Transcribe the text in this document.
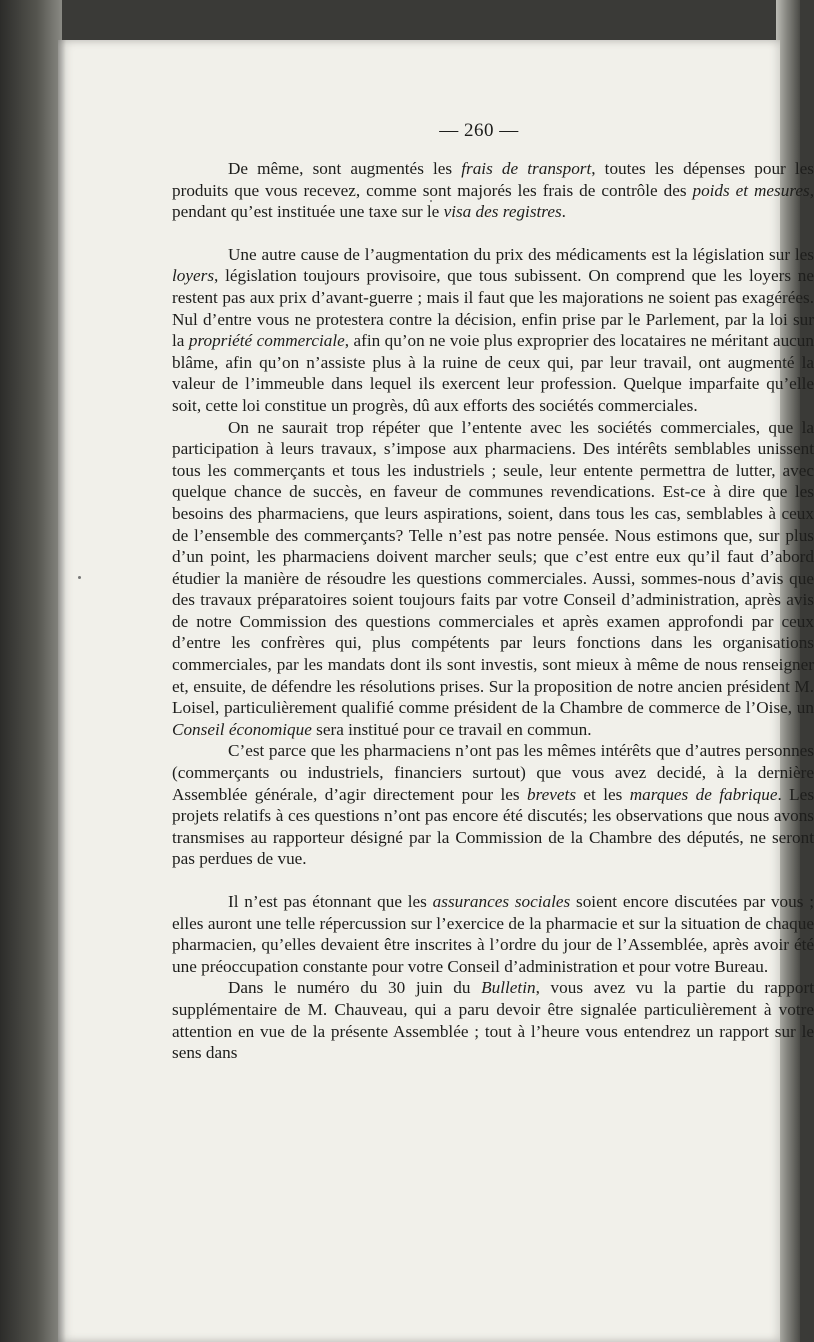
— 260 —

De même, sont augmentés les frais de transport, toutes les dépenses pour les produits que vous recevez, comme sont majorés les frais de contrôle des poids et mesures, pendant qu’est instituée une taxe sur le visa des registres.

Une autre cause de l’augmentation du prix des médicaments est la législation sur les loyers, législation toujours provisoire, que tous subissent. On comprend que les loyers ne restent pas aux prix d’avant-guerre ; mais il faut que les majorations ne soient pas exagérées. Nul d’entre vous ne protestera contre la décision, enfin prise par le Parlement, par la loi sur la propriété commerciale, afin qu’on ne voie plus exproprier des locataires ne méritant aucun blâme, afin qu’on n’assiste plus à la ruine de ceux qui, par leur travail, ont augmenté la valeur de l’immeuble dans lequel ils exercent leur profession. Quelque imparfaite qu’elle soit, cette loi constitue un progrès, dû aux efforts des sociétés commerciales.

On ne saurait trop répéter que l’entente avec les sociétés commerciales, que la participation à leurs travaux, s’impose aux pharmaciens. Des intérêts semblables unissent tous les commerçants et tous les industriels ; seule, leur entente permettra de lutter, avec quelque chance de succès, en faveur de communes revendications. Est-ce à dire que les besoins des pharmaciens, que leurs aspirations, soient, dans tous les cas, semblables à ceux de l’ensemble des commerçants? Telle n’est pas notre pensée. Nous estimons que, sur plus d’un point, les pharmaciens doivent marcher seuls; que c’est entre eux qu’il faut d’abord étudier la manière de résoudre les questions commerciales. Aussi, sommes-nous d’avis que des travaux préparatoires soient toujours faits par votre Conseil d’administration, après avis de notre Commission des questions commerciales et après examen approfondi par ceux d’entre les confrères qui, plus compétents par leurs fonctions dans les organisations commerciales, par les mandats dont ils sont investis, sont mieux à même de nous renseigner et, ensuite, de défendre les résolutions prises. Sur la proposition de notre ancien président M. Loisel, particulièrement qualifié comme président de la Chambre de commerce de l’Oise, un Conseil économique sera institué pour ce travail en commun.

C’est parce que les pharmaciens n’ont pas les mêmes intérêts que d’autres personnes (commerçants ou industriels, financiers surtout) que vous avez decidé, à la dernière Assemblée générale, d’agir directement pour les brevets et les marques de fabrique. Les projets relatifs à ces questions n’ont pas encore été discutés; les observations que nous avons transmises au rapporteur désigné par la Commission de la Chambre des députés, ne seront pas perdues de vue.

Il n’est pas étonnant que les assurances sociales soient encore discutées par vous ; elles auront une telle répercussion sur l’exercice de la pharmacie et sur la situation de chaque pharmacien, qu’elles devaient être inscrites à l’ordre du jour de l’Assemblée, après avoir été une préoccupation constante pour votre Conseil d’administration et pour votre Bureau.

Dans le numéro du 30 juin du Bulletin, vous avez vu la partie du rapport supplémentaire de M. Chauveau, qui a paru devoir être signalée particulièrement à votre attention en vue de la présente Assemblée ; tout à l’heure vous entendrez un rapport sur le sens dans
